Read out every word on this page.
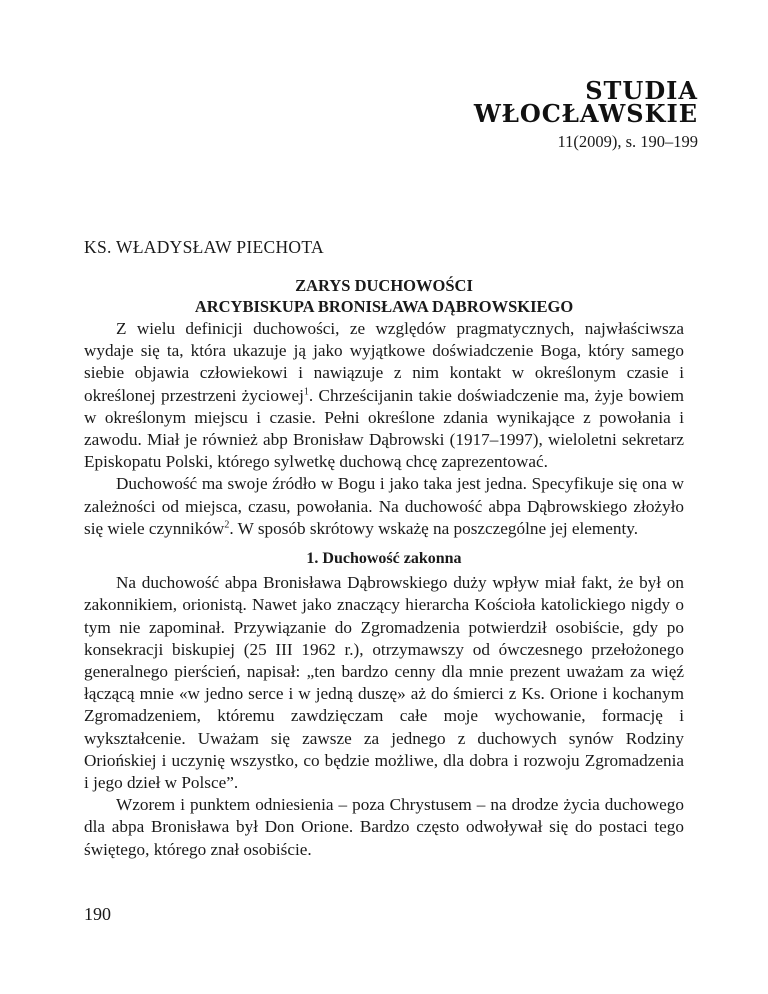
STUDIA
WŁOCŁAWSKIE
11(2009), s. 190–199
KS. WŁADYSŁAW PIECHOTA
ZARYS DUCHOWOŚCI
ARCYBISKUPA BRONISŁAWA DĄBROWSKIEGO

Z wielu definicji duchowości, ze względów pragmatycznych, najwłaściwsza wydaje się ta, która ukazuje ją jako wyjątkowe doświadczenie Boga, który samego siebie objawia człowiekowi i nawiązuje z nim kontakt w określonym czasie i określonej przestrzeni życiowej$^1$. Chrześcijanin takie doświadczenie ma, żyje bowiem w określonym miejscu i czasie. Pełni określone zdania wynikające z powołania i zawodu. Miał je również abp Bronisław Dąbrowski (1917–1997), wieloletni sekretarz Episkopatu Polski, którego sylwetkę duchową chcę zaprezentować.

Duchowość ma swoje źródło w Bogu i jako taka jest jedna. Specyfikuje się ona w zależności od miejsca, czasu, powołania. Na duchowość abpa Dąbrowskiego złożyło się wiele czynników$^2$. W sposób skrótowy wskażę na poszczególne jej elementy.

1. Duchowość zakonna

Na duchowość abpa Bronisława Dąbrowskiego duży wpływ miał fakt, że był on zakonnikiem, orionistą. Nawet jako znaczący hierarcha Kościoła katolickiego nigdy o tym nie zapominał. Przywiązanie do Zgromadzenia potwierdził osobiście, gdy po konsekracji biskupiej (25 III 1962 r.), otrzymawszy od ówczesnego przełożonego generalnego pierścień, napisał: „ten bardzo cenny dla mnie prezent uważam za więź łączącą mnie «w jedno serce i w jedną duszę» aż do śmierci z Ks. Orione i kochanym Zgromadzeniem, któremu zawdzięczam całe moje wychowanie, formację i wykształcenie. Uważam się zawsze za jednego z duchowych synów Rodziny Oriońskiej i uczynię wszystko, co będzie możliwe, dla dobra i rozwoju Zgromadzenia i jego dzieł w Polsce”.

Wzorem i punktem odniesienia – poza Chrystusem – na drodze życia duchowego dla abpa Bronisława był Don Orione. Bardzo często odwoływał się do postaci tego świętego, którego znał osobiście.

190
